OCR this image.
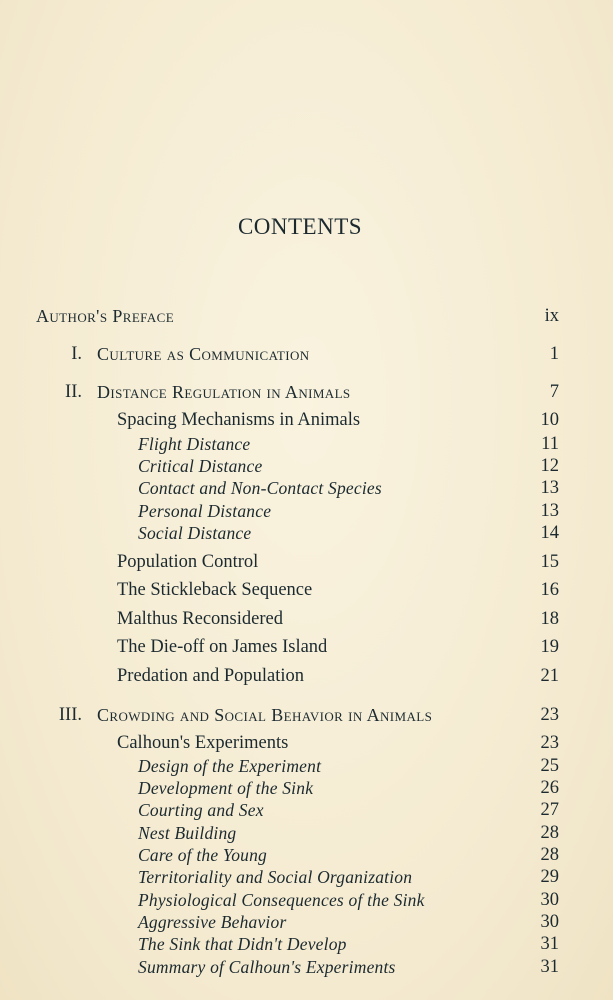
CONTENTS
Author's Preface	ix
I. Culture as Communication	1
II. Distance Regulation in Animals	7
Spacing Mechanisms in Animals	10
Flight Distance	11
Critical Distance	12
Contact and Non-Contact Species	13
Personal Distance	13
Social Distance	14
Population Control	15
The Stickleback Sequence	16
Malthus Reconsidered	18
The Die-off on James Island	19
Predation and Population	21
III. Crowding and Social Behavior in Animals	23
Calhoun's Experiments	23
Design of the Experiment	25
Development of the Sink	26
Courting and Sex	27
Nest Building	28
Care of the Young	28
Territoriality and Social Organization	29
Physiological Consequences of the Sink	30
Aggressive Behavior	30
The Sink that Didn't Develop	31
Summary of Calhoun's Experiments	31
